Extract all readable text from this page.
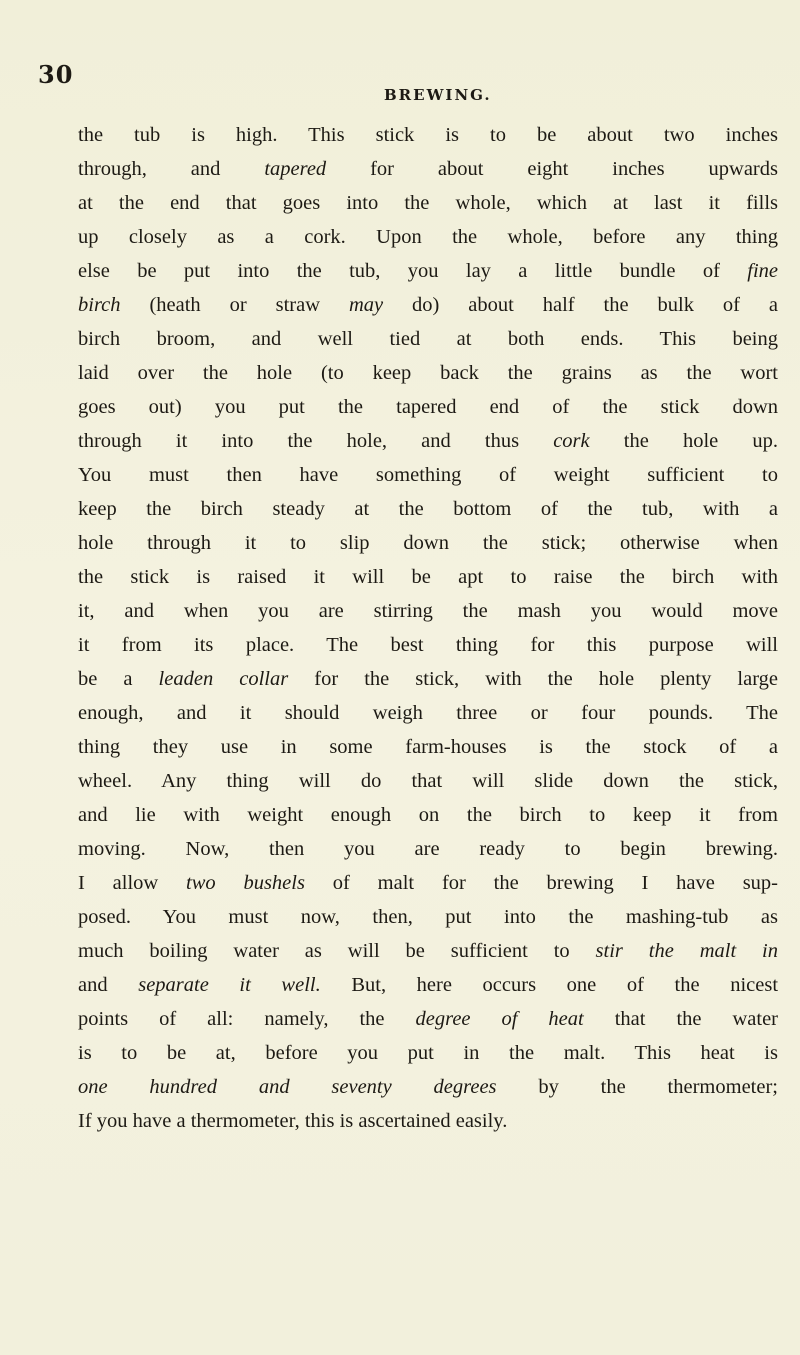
30
BREWING.
the tub is high. This stick is to be about two inches
through, and tapered for about eight inches upwards
at the end that goes into the whole, which at last it fills
up closely as a cork. Upon the whole, before any thing
else be put into the tub, you lay a little bundle of fine
birch (heath or straw may do) about half the bulk of a
birch broom, and well tied at both ends. This being
laid over the hole (to keep back the grains as the wort
goes out) you put the tapered end of the stick down
through it into the hole, and thus cork the hole up.
You must then have something of weight sufficient to
keep the birch steady at the bottom of the tub, with a
hole through it to slip down the stick; otherwise when
the stick is raised it will be apt to raise the birch with
it, and when you are stirring the mash you would move
it from its place. The best thing for this purpose will
be a leaden collar for the stick, with the hole plenty large
enough, and it should weigh three or four pounds. The
thing they use in some farm-houses is the stock of a
wheel. Any thing will do that will slide down the stick,
and lie with weight enough on the birch to keep it from
moving. Now, then you are ready to begin brewing.
I allow two bushels of malt for the brewing I have sup-
posed. You must now, then, put into the mashing-tub as
much boiling water as will be sufficient to stir the malt in
and separate it well. But, here occurs one of the nicest
points of all: namely, the degree of heat that the water
is to be at, before you put in the malt. This heat is
one hundred and seventy degrees by the thermometer;
If you have a thermometer, this is ascertained easily.
